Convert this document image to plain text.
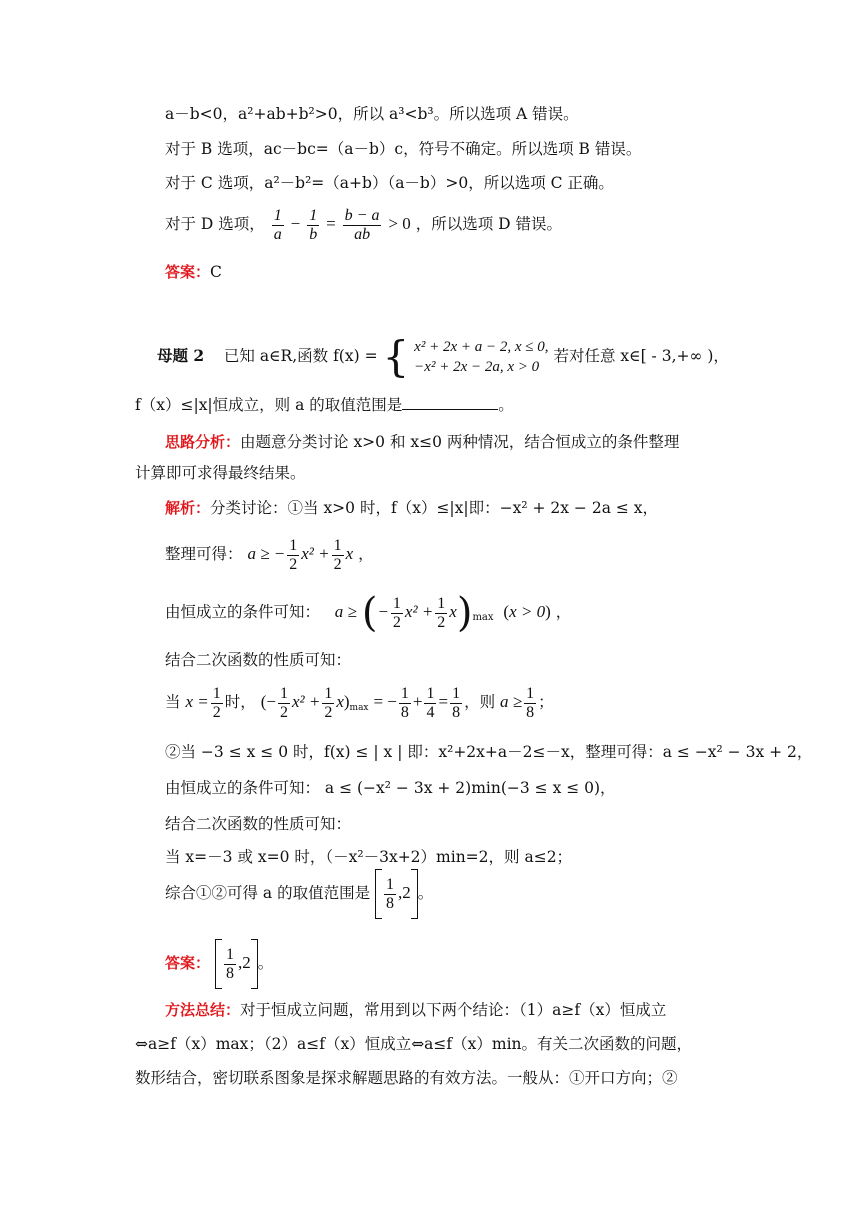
a－b<0，a²+ab+b²>0，所以 a³<b³。所以选项 A 错误。
对于 B 选项，ac－bc=（a－b）c，符号不确定。所以选项 B 错误。
对于 C 选项，a²－b²=（a+b）（a－b）>0，所以选项 C 正确。
对于 D 选项， $\frac{1}{a} - \frac{1}{b} = \frac{b - a}{ab} > 0$ ，所以选项 D 错误。
答案：C
母题 2 已知 a∈R,函数 f(x) = { x² + 2x + a − 2, x ≤ 0,
−x² + 2x − 2a, x > 0
若对任意 x∈[ - 3,+∞ )，
f（x）≤|x|恒成立，则 a 的取值范围是	。
思路分析：由题意分类讨论 x>0 和 x≤0 两种情况，结合恒成立的条件整理
计算即可求得最终结果。
解析：分类讨论：①当 x>0 时，f（x）≤|x|即：−x² + 2x − 2a ≤ x，
整理可得： a ≥ − $\frac{1}{2} x^2 + \frac{1}{2}$ x ，
由恒成立的条件可知： a ≥ (− $\frac{1}{2} x^2 + \frac{1}{2} x)_{max}$ (x > 0) ，
结合二次函数的性质可知：
当 $x = \frac{1}{2}$ 时， (− $\frac{1}{2} x^2 + \frac{1}{2} x)_{max}$ = − $\frac{1}{8} + \frac{1}{4} = \frac{1}{8}$ ，则 $a \ge \frac{1}{8}$ ；
②当 −3 ≤ x ≤ 0 时，f(x) ≤ | x | 即：x²+2x+a－2≤－x，整理可得：a ≤ −x² − 3x + 2，
由恒成立的条件可知： a ≤ (−x² − 3x + 2)min(−3 ≤ x ≤ 0)，
结合二次函数的性质可知：
当 x=－3 或 x=0 时，（－x²－3x+2）min=2，则 a≤2；
综合①②可得 a 的取值范围是 $\frac{1}{8} ,2$ 。
答案： $\frac{1}{8} ,2$ 。
方法总结：对于恒成立问题，常用到以下两个结论：（1）a≥f（x）恒成立
⇔a≥f（x）max；（2）a≤f（x）恒成立⇔a≤f（x）min。有关二次函数的问题，
数形结合，密切联系图象是探求解题思路的有效方法。一般从：①开口方向；②
